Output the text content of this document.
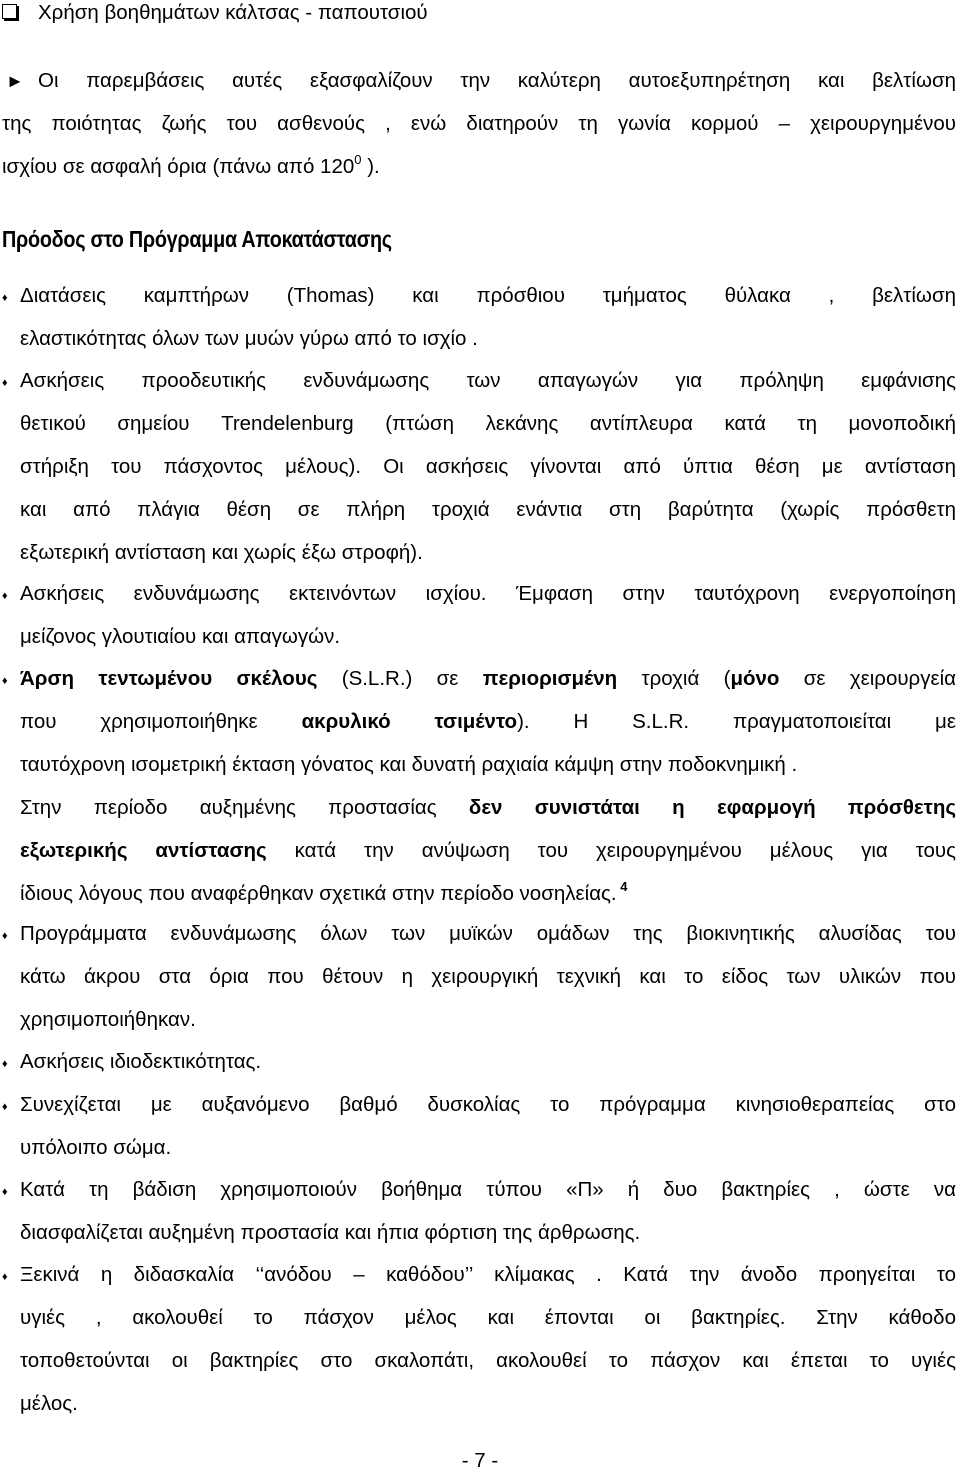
Χρήση βοηθημάτων κάλτσας - παπουτσιού
► Οι παρεμβάσεις αυτές εξασφαλίζουν την καλύτερη αυτοεξυπηρέτηση και βελτίωση
της ποιότητας ζωής του ασθενούς , ενώ διατηρούν τη γωνία κορμού – χειρουργημένου
ισχίου σε ασφαλή όρια (πάνω από $120^0$ ).
Πρόοδος στο Πρόγραμμα Αποκατάστασης
♦ Διατάσεις καμπτήρων (Thomas) και πρόσθιου τμήματος θύλακα , βελτίωση
ελαστικότητας όλων των μυών γύρω από το ισχίο .
♦ Ασκήσεις προοδευτικής ενδυνάμωσης των απαγωγών για πρόληψη εμφάνισης
θετικού σημείου Trendelenburg (πτώση λεκάνης αντίπλευρα κατά τη μονοποδική
στήριξη του πάσχοντος μέλους). Οι ασκήσεις γίνονται από ύπτια θέση με αντίσταση
και από πλάγια θέση σε πλήρη τροχιά ενάντια στη βαρύτητα (χωρίς πρόσθετη
εξωτερική αντίσταση και χωρίς έξω στροφή).
♦ Ασκήσεις ενδυνάμωσης εκτεινόντων ισχίου. Έμφαση στην ταυτόχρονη ενεργοποίηση
μείζονος γλουτιαίου και απαγωγών.
♦ Άρση τεντωμένου σκέλους (S.L.R.) σε περιορισμένη τροχιά (μόνο σε χειρουργεία
που χρησιμοποιήθηκε ακρυλικό τσιμέντο). Η S.L.R. πραγματοποιείται με
ταυτόχρονη ισομετρική έκταση γόνατος και δυνατή ραχιαία κάμψη στην ποδοκνημική .
Στην περίοδο αυξημένης προστασίας δεν συνιστάται η εφαρμογή πρόσθετης
εξωτερικής αντίστασης κατά την ανύψωση του χειρουργημένου μέλους για τους
ίδιους λόγους που αναφέρθηκαν σχετικά στην περίοδο νοσηλείας. $^4$
♦ Προγράμματα ενδυνάμωσης όλων των μυϊκών ομάδων της βιοκινητικής αλυσίδας του
κάτω άκρου στα όρια που θέτουν η χειρουργική τεχνική και το είδος των υλικών που
χρησιμοποιήθηκαν.
♦ Ασκήσεις ιδιοδεκτικότητας.
♦ Συνεχίζεται με αυξανόμενο βαθμό δυσκολίας το πρόγραμμα κινησιοθεραπείας στο
υπόλοιπο σώμα.
♦ Κατά τη βάδιση χρησιμοποιούν βοήθημα τύπου «Π» ή δυο βακτηρίες , ώστε να
διασφαλίζεται αυξημένη προστασία και ήπια φόρτιση της άρθρωσης.
♦ Ξεκινά η διδασκαλία ‘‘ανόδου – καθόδου’’ κλίμακας . Κατά την άνοδο προηγείται το
υγιές , ακολουθεί το πάσχον μέλος και έπονται οι βακτηρίες. Στην κάθοδο
τοποθετούνται οι βακτηρίες στο σκαλοπάτι, ακολουθεί το πάσχον και έπεται το υγιές
μέλος.
- 7 -
